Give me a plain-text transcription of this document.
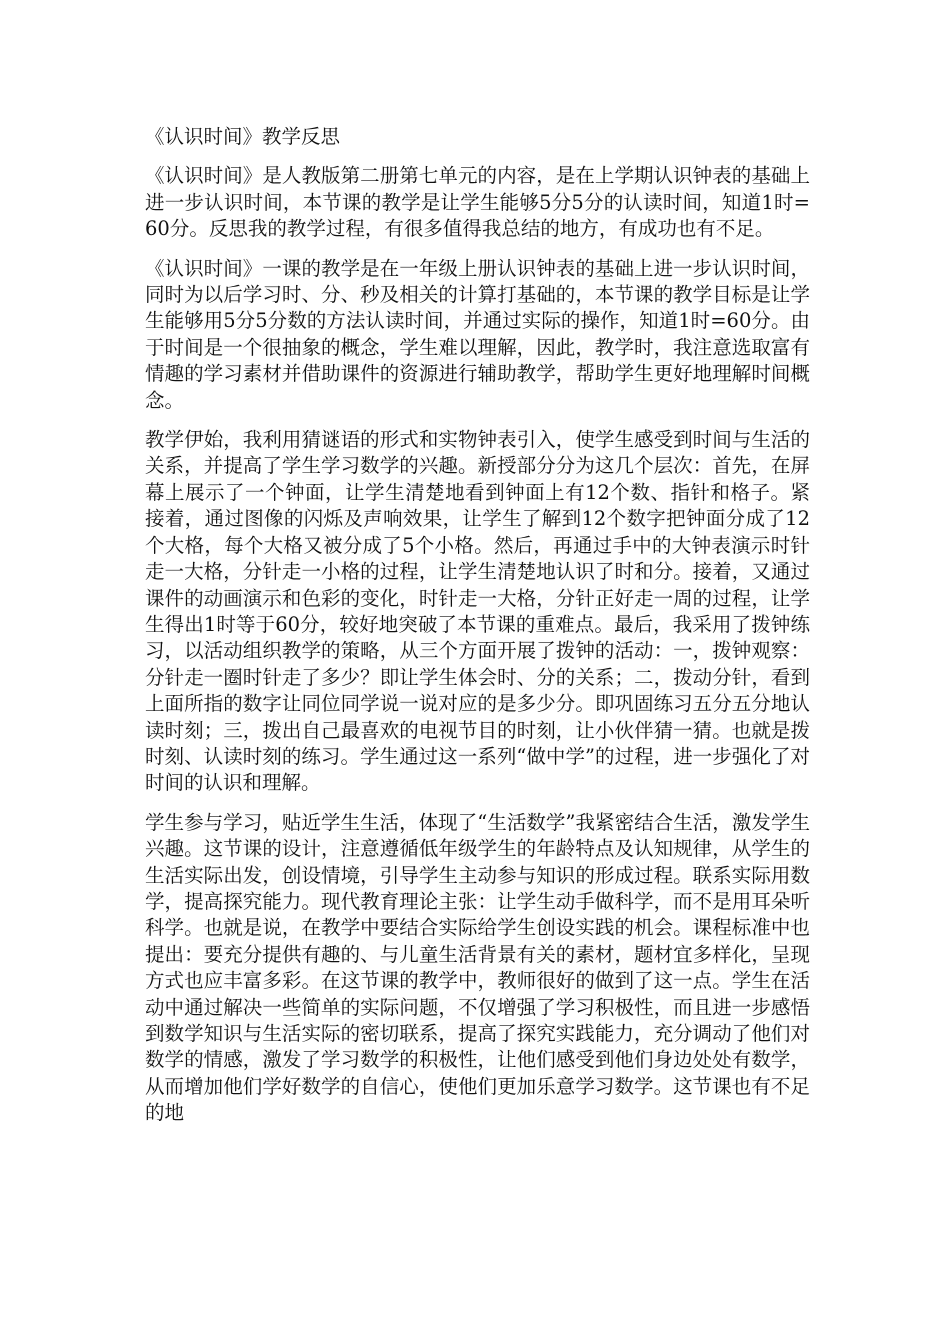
《认识时间》教学反思

《认识时间》是人教版第二册第七单元的内容，是在上学期认识钟表的基础上进一步认识时间，本节课的教学是让学生能够5分5分的认读时间，知道1时=60分。反思我的教学过程，有很多值得我总结的地方，有成功也有不足。

《认识时间》一课的教学是在一年级上册认识钟表的基础上进一步认识时间，同时为以后学习时、分、秒及相关的计算打基础的，本节课的教学目标是让学生能够用5分5分数的方法认读时间，并通过实际的操作，知道1时=60分。由于时间是一个很抽象的概念，学生难以理解，因此，教学时，我注意选取富有情趣的学习素材并借助课件的资源进行辅助教学，帮助学生更好地理解时间概念。

教学伊始，我利用猜谜语的形式和实物钟表引入，使学生感受到时间与生活的关系，并提高了学生学习数学的兴趣。新授部分分为这几个层次：首先，在屏幕上展示了一个钟面，让学生清楚地看到钟面上有12个数、指针和格子。紧接着，通过图像的闪烁及声响效果，让学生了解到12个数字把钟面分成了12个大格，每个大格又被分成了5个小格。然后，再通过手中的大钟表演示时针走一大格，分针走一小格的过程，让学生清楚地认识了时和分。接着，又通过课件的动画演示和色彩的变化，时针走一大格，分针正好走一周的过程，让学生得出1时等于60分，较好地突破了本节课的重难点。最后，我采用了拨钟练习，以活动组织教学的策略，从三个方面开展了拨钟的活动：一，拨钟观察：分针走一圈时针走了多少？即让学生体会时、分的关系；二，拨动分针，看到上面所指的数字让同位同学说一说对应的是多少分。即巩固练习五分五分地认读时刻；三，拨出自己最喜欢的电视节目的时刻，让小伙伴猜一猜。也就是拨时刻、认读时刻的练习。学生通过这一系列“做中学”的过程，进一步强化了对时间的认识和理解。

学生参与学习，贴近学生生活，体现了“生活数学”我紧密结合生活，激发学生兴趣。这节课的设计，注意遵循低年级学生的年龄特点及认知规律，从学生的生活实际出发，创设情境，引导学生主动参与知识的形成过程。联系实际用数学，提高探究能力。现代教育理论主张：让学生动手做科学，而不是用耳朵听科学。也就是说，在教学中要结合实际给学生创设实践的机会。课程标准中也提出：要充分提供有趣的、与儿童生活背景有关的素材，题材宜多样化，呈现方式也应丰富多彩。在这节课的教学中，教师很好的做到了这一点。学生在活动中通过解决一些简单的实际问题，不仅增强了学习积极性，而且进一步感悟到数学知识与生活实际的密切联系，提高了探究实践能力，充分调动了他们对数学的情感，激发了学习数学的积极性，让他们感受到他们身边处处有数学，从而增加他们学好数学的自信心，使他们更加乐意学习数学。这节课也有不足的地
